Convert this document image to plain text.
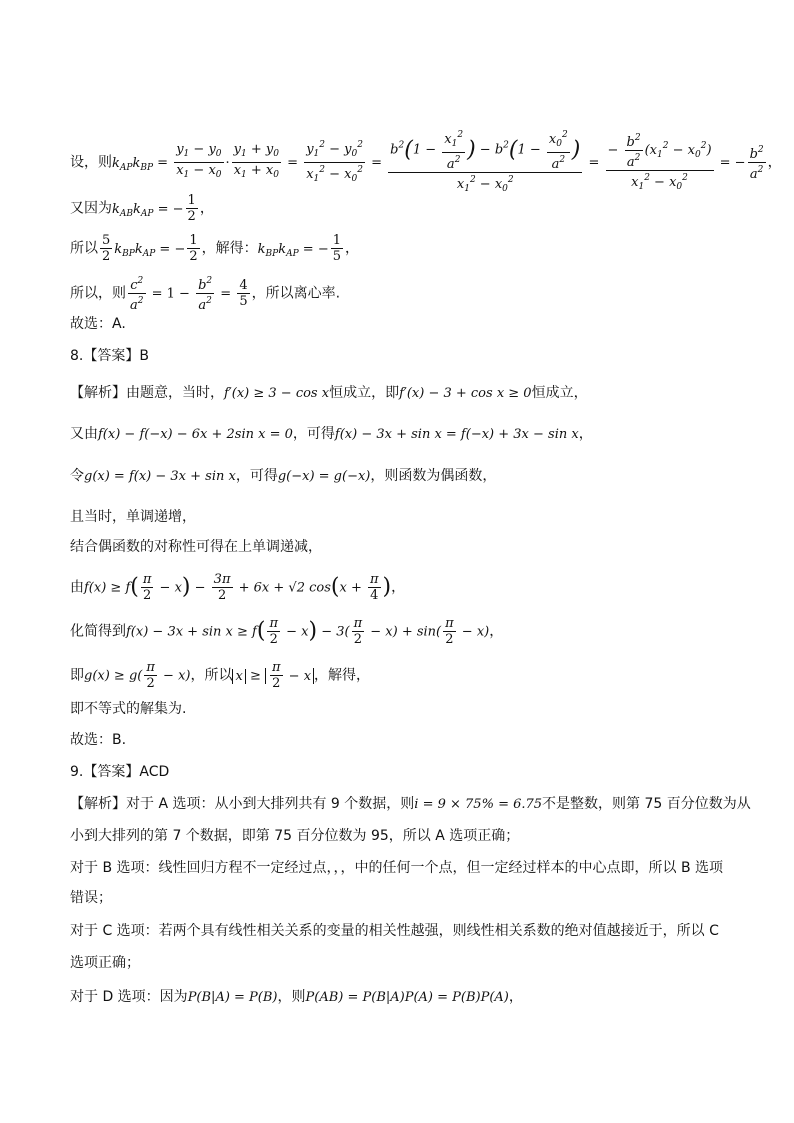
设，则$k_{AP}k_{BP} = \frac{y_1 - y_0}{x_1 - x_0} \cdot \frac{y_1 + y_0}{x_1 + x_0} = \frac{y_1^2 - y_0^2}{x_1^2 - x_0^2} = \frac{b^2(1 - \frac{x_1^2}{a^2} ) - b^2(1 - \frac{x_0^2}{a^2} )}{x_1^2 - x_0^2} = \frac{- \frac{b^2}{a^2} (x_1^2 - x_0^2)}{x_1^2 - x_0^2}$ = − $\frac{b^2}{a^2}$ ，
又因为$k_{AB}k_{AP}$ = − $\frac{1}{2}$ ，
所以 $\frac{5}{2} k_{BP}k_{AP}$ = − $\frac{1}{2}$ ，解得：$k_{BP}k_{AP}$ = − $\frac{1}{5}$ ，
所以，则 $\frac{c^2}{a^2} = 1 - \frac{b^2}{a^2} = \frac{4}{5}$ ，所以离心率.
故选：A.
8.【答案】B
【解析】由题意，当时，f′(x) ≥ 3 − cos x恒成立，即f′(x) − 3 + cos x ≥ 0恒成立，
又由f(x) − f(−x) − 6x + 2sin x = 0，可得f(x) − 3x + sin x = f(−x) + 3x − sin x，
令g(x) = f(x) − 3x + sin x，可得g(−x) = g(−x)，则函数为偶函数，
且当时，单调递增，
结合偶函数的对称性可得在上单调递减，
由$f(x) \ge f( \frac{\pi}{2} - x) - \frac{3\pi}{2} + 6x + √2$ $\cos(x + \frac{\pi}{4}$ )，
化简得到$f(x) - 3x + \sin x \ge f( \frac{\pi}{2} - x) - 3( \frac{\pi}{2} - x) + \sin( \frac{\pi}{2} - x)$，
即$g(x) \ge g( \frac{\pi}{2} - x)$，所以 $x \ge \frac{\pi}{2} - x$ ，解得，
即不等式的解集为.
故选：B.
9.【答案】ACD
【解析】对于 A 选项：从小到大排列共有 9 个数据，则i = 9 × 75% = 6.75不是整数，则第 75 百分位数为从
小到大排列的第 7 个数据，即第 75 百分位数为 95，所以 A 选项正确；
对于 B 选项：线性回归方程不一定经过点，，，中的任何一个点，但一定经过样本的中心点即，所以 B 选项
错误；
对于 C 选项：若两个具有线性相关关系的变量的相关性越强，则线性相关系数的绝对值越接近于，所以 C
选项正确；
对于 D 选项：因为P(B|A) = P(B)，则P(AB) = P(B|A)P(A) = P(B)P(A)，
